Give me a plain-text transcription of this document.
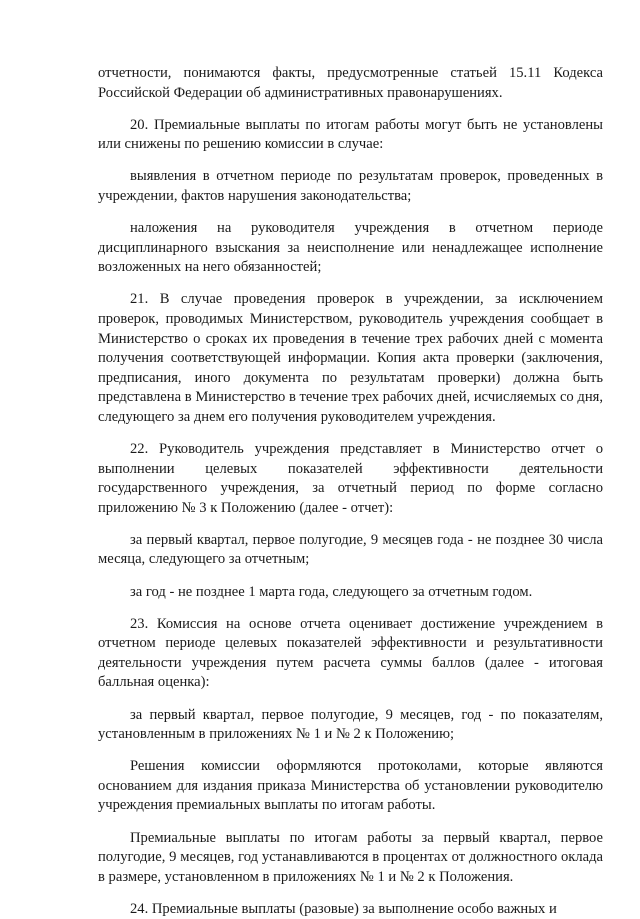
отчетности, понимаются факты, предусмотренные статьей 15.11 Кодекса Российской Федерации об административных правонарушениях.

20. Премиальные выплаты по итогам работы могут быть не установлены или снижены по решению комиссии в случае:

выявления в отчетном периоде по результатам проверок, проведенных в учреждении, фактов нарушения законодательства;

наложения на руководителя учреждения в отчетном периоде дисциплинарного взыскания за неисполнение или ненадлежащее исполнение возложенных на него обязанностей;

21. В случае проведения проверок в учреждении, за исключением проверок, проводимых Министерством, руководитель учреждения сообщает в Министерство о сроках их проведения в течение трех рабочих дней с момента получения соответствующей информации. Копия акта проверки (заключения, предписания, иного документа по результатам проверки) должна быть представлена в Министерство в течение трех рабочих дней, исчисляемых со дня, следующего за днем его получения руководителем учреждения.

22. Руководитель учреждения представляет в Министерство отчет о выполнении целевых показателей эффективности деятельности государственного учреждения, за отчетный период по форме согласно приложению № 3 к Положению (далее - отчет):

за первый квартал, первое полугодие, 9 месяцев года - не позднее 30 числа месяца, следующего за отчетным;

за год - не позднее 1 марта года, следующего за отчетным годом.

23. Комиссия на основе отчета оценивает достижение учреждением в отчетном периоде целевых показателей эффективности и результативности деятельности учреждения путем расчета суммы баллов (далее - итоговая балльная оценка):

за первый квартал, первое полугодие, 9 месяцев, год - по показателям, установленным в приложениях № 1 и № 2 к Положению;

Решения комиссии оформляются протоколами, которые являются основанием для издания приказа Министерства об установлении руководителю учреждения премиальных выплаты по итогам работы.

Премиальные выплаты по итогам работы за первый квартал, первое полугодие, 9 месяцев, год устанавливаются в процентах от должностного оклада в размере, установленном в приложениях № 1 и № 2 к Положения.

24. Премиальные выплаты (разовые) за выполнение особо важных и
